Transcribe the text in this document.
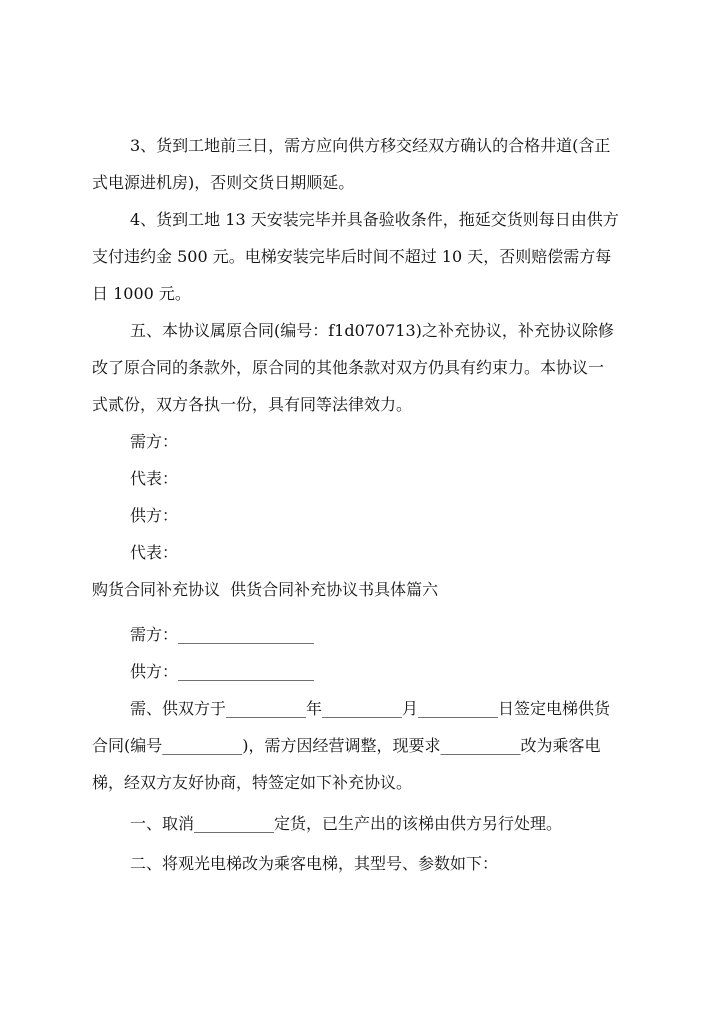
3、货到工地前三日，需方应向供方移交经双方确认的合格井道(含正
式电源进机房)，否则交货日期顺延。
4、货到工地 13 天安装完毕并具备验收条件，拖延交货则每日由供方
支付违约金 500 元。电梯安装完毕后时间不超过 10 天，否则赔偿需方每
日 1000 元。
五、本协议属原合同(编号：f1d070713)之补充协议，补充协议除修
改了原合同的条款外，原合同的其他条款对双方仍具有约束力。本协议一
式贰份，双方各执一份，具有同等法律效力。
需方：
代表：
供方：
代表：
购货合同补充协议  供货合同补充协议书具体篇六
需方：_________________
供方：_________________
需、供双方于__________年__________月__________日签定电梯供货
合同(编号__________)，需方因经营调整，现要求__________改为乘客电
梯，经双方友好协商，特签定如下补充协议。
一、取消__________定货，已生产出的该梯由供方另行处理。
二、将观光电梯改为乘客电梯，其型号、参数如下：
